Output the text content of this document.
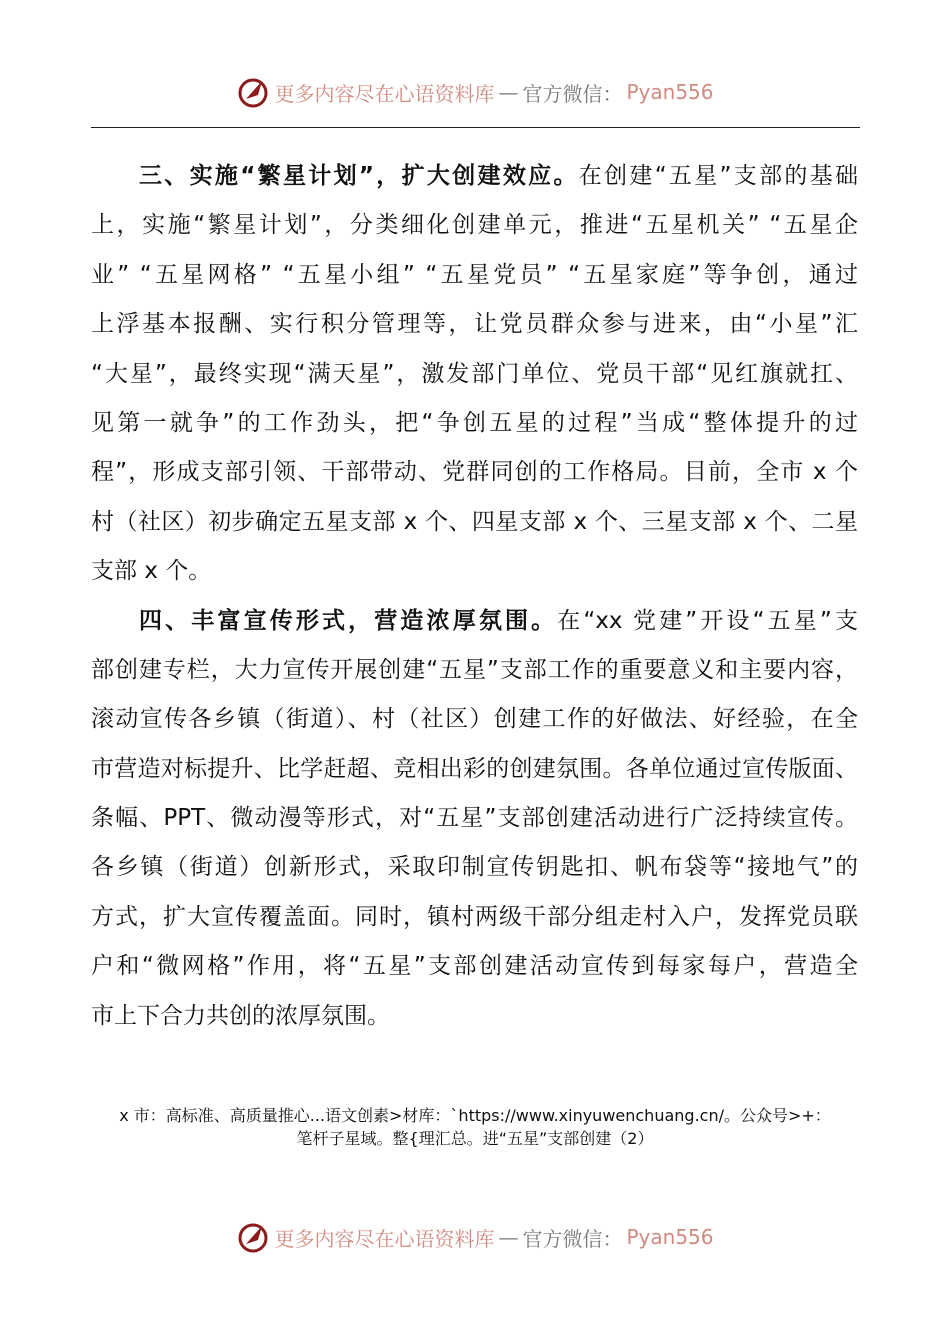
更多内容尽在心语资料库 — 官方微信： Pyan556
三、实施“繁星计划”，扩大创建效应。在创建“五星”支部的基础
上，实施“繁星计划”，分类细化创建单元，推进“五星机关” “五星企
业” “五星网格” “五星小组” “五星党员” “五星家庭”等争创，通过
上浮基本报酬、实行积分管理等，让党员群众参与进来，由“小星”汇
“大星”，最终实现“满天星”，激发部门单位、党员干部“见红旗就扛、
见第一就争”的工作劲头，把“争创五星的过程”当成“整体提升的过
程”，形成支部引领、干部带动、党群同创的工作格局。目前，全市 x 个
村（社区）初步确定五星支部 x 个、四星支部 x 个、三星支部 x 个、二星
支部 x 个。
四、丰富宣传形式，营造浓厚氛围。在“xx 党建”开设“五星”支
部创建专栏，大力宣传开展创建“五星”支部工作的重要意义和主要内容，
滚动宣传各乡镇（街道）、村（社区）创建工作的好做法、好经验，在全
市营造对标提升、比学赶超、竞相出彩的创建氛围。各单位通过宣传版面、
条幅、PPT、微动漫等形式，对“五星”支部创建活动进行广泛持续宣传。
各乡镇（街道）创新形式，采取印制宣传钥匙扣、帆布袋等“接地气”的
方式，扩大宣传覆盖面。同时，镇村两级干部分组走村入户，发挥党员联
户和“微网格”作用，将“五星”支部创建活动宣传到每家每户，营造全
市上下合力共创的浓厚氛围。
x 市：高标准、高质量推心...语文创素>材库：`https://www.xinyuwenchuang.cn/。公众号>+：
笔杆子星域。整{理汇总。进“五星”支部创建（2）
更多内容尽在心语资料库 — 官方微信： Pyan556
